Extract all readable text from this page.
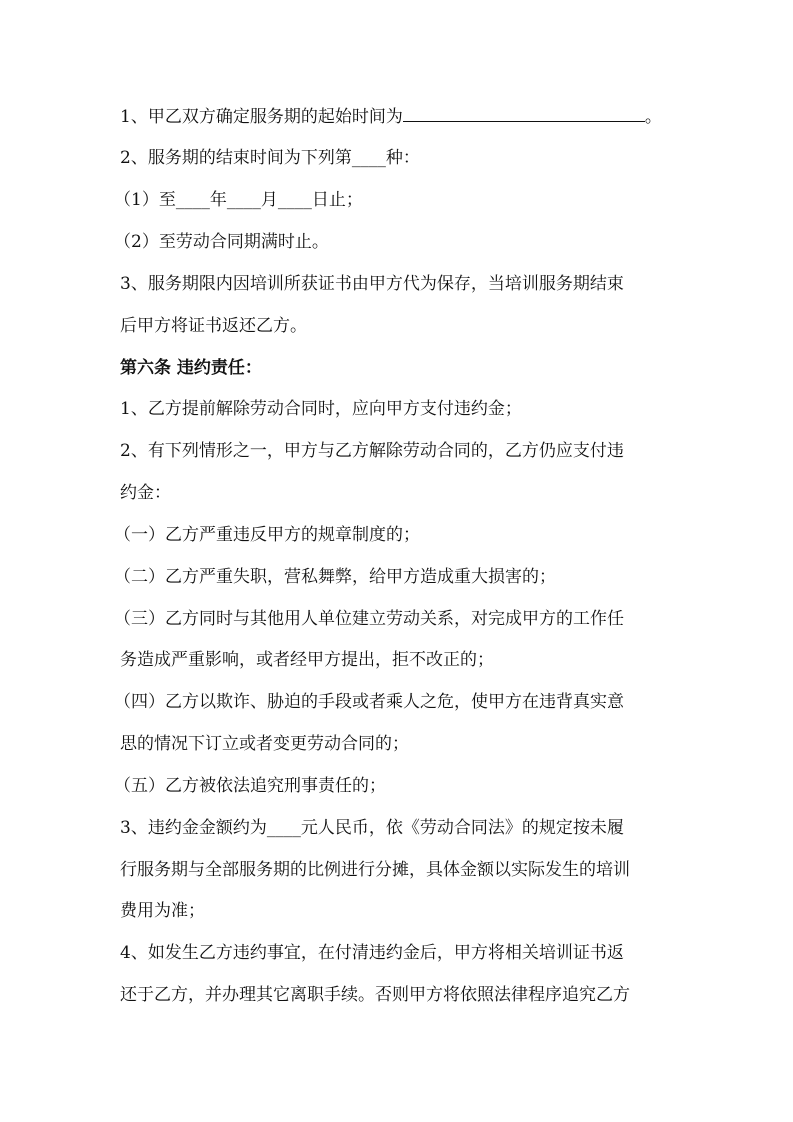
1、甲乙双方确定服务期的起始时间为	。
2、服务期的结束时间为下列第____种：
（1）至____年____月____日止；
（2）至劳动合同期满时止。
3、服务期限内因培训所获证书由甲方代为保存，当培训服务期结束
后甲方将证书返还乙方。
第六条 违约责任：
1、乙方提前解除劳动合同时，应向甲方支付违约金；
2、有下列情形之一，甲方与乙方解除劳动合同的，乙方仍应支付违
约金：
（一）乙方严重违反甲方的规章制度的；
（二）乙方严重失职，营私舞弊，给甲方造成重大损害的；
（三）乙方同时与其他用人单位建立劳动关系，对完成甲方的工作任
务造成严重影响，或者经甲方提出，拒不改正的；
（四）乙方以欺诈、胁迫的手段或者乘人之危，使甲方在违背真实意
思的情况下订立或者变更劳动合同的；
（五）乙方被依法追究刑事责任的；
3、违约金金额约为____元人民币，依《劳动合同法》的规定按未履
行服务期与全部服务期的比例进行分摊，具体金额以实际发生的培训
费用为准；
4、如发生乙方违约事宜，在付清违约金后，甲方将相关培训证书返
还于乙方，并办理其它离职手续。否则甲方将依照法律程序追究乙方
